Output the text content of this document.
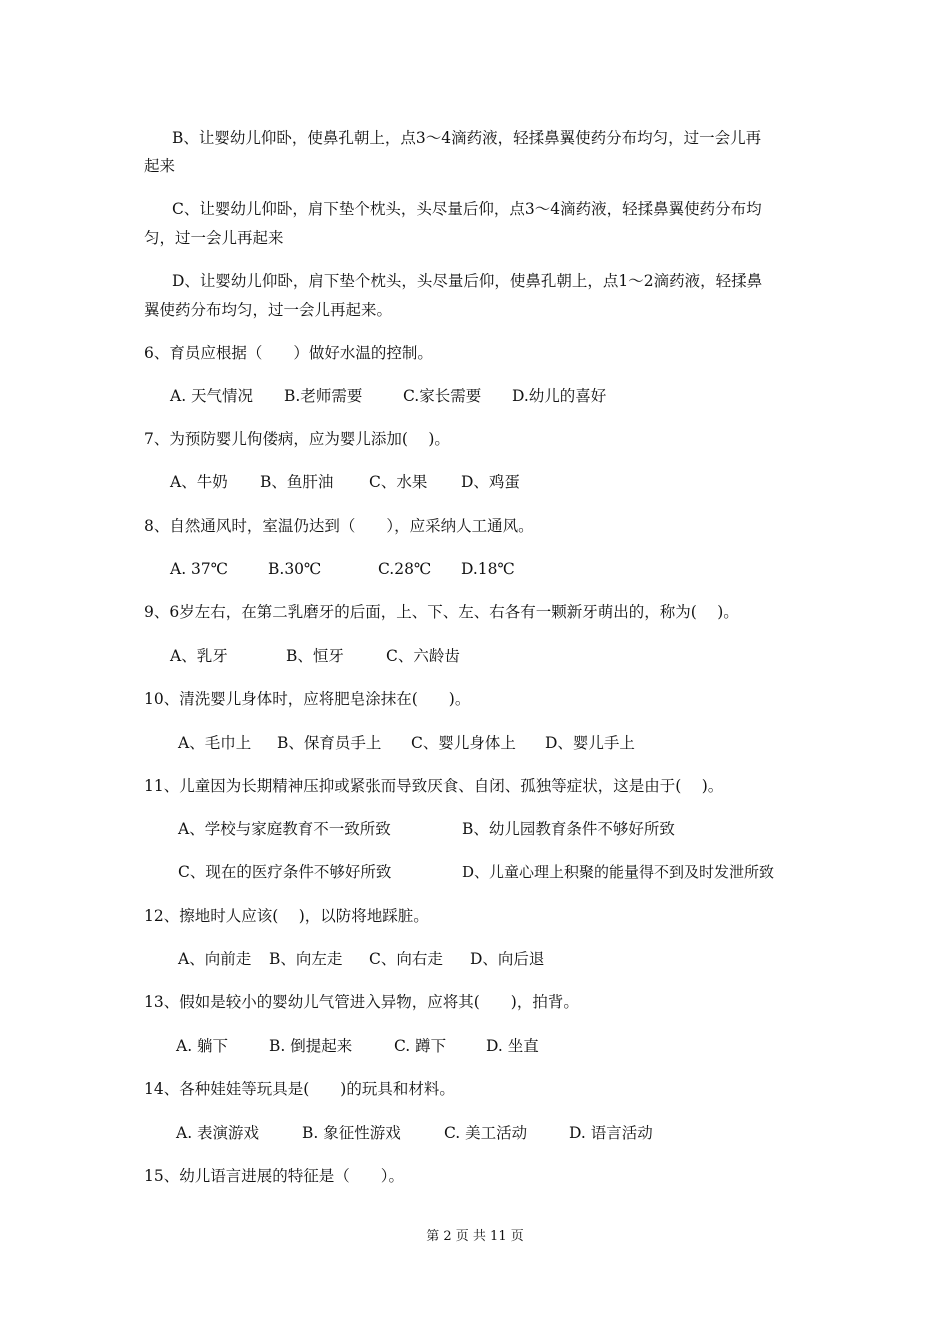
B、让婴幼儿仰卧，使鼻孔朝上，点3～4滴药液，轻揉鼻翼使药分布均匀，过一会儿再
起来
C、让婴幼儿仰卧，肩下垫个枕头，头尽量后仰，点3～4滴药液，轻揉鼻翼使药分布均
匀，过一会儿再起来
D、让婴幼儿仰卧，肩下垫个枕头，头尽量后仰，使鼻孔朝上，点1～2滴药液，轻揉鼻
翼使药分布均匀，过一会儿再起来。
6、育员应根据（　　）做好水温的控制。
A. 天气情况 B.老师需要	C.家长需要 D.幼儿的喜好
7、为预防婴儿佝偻病，应为婴儿添加(　 )。
A、牛奶 B、鱼肝油 C、水果 D、鸡蛋
8、自然通风时，室温仍达到（　　），应采纳人工通风。
A. 37℃	B.30℃	C.28℃ D.18℃
9、6岁左右，在第二乳磨牙的后面，上、下、左、右各有一颗新牙萌出的，称为(　 )。
A、乳牙	B、恒牙	C、六龄齿
10、清洗婴儿身体时，应将肥皂涂抹在(　　)。
A、毛巾上 B、保育员手上 C、婴儿身体上 D、婴儿手上
11、儿童因为长期精神压抑或紧张而导致厌食、自闭、孤独等症状，这是由于(　 )。
A、学校与家庭教育不一致所致	B、幼儿园教育条件不够好所致
C、现在的医疗条件不够好所致	D、儿童心理上积聚的能量得不到及时发泄所致
12、擦地时人应该(　 )，以防将地踩脏。
A、向前走 B、向左走 C、向右走 D、向后退
13、假如是较小的婴幼儿气管进入异物，应将其(　　)，拍背。
A. 躺下	B. 倒提起来	C. 蹲下	D. 坐直
14、各种娃娃等玩具是(　　)的玩具和材料。
A. 表演游戏	B. 象征性游戏	C. 美工活动	D. 语言活动
15、幼儿语言进展的特征是（　　）。
第 2 页 共 11 页
